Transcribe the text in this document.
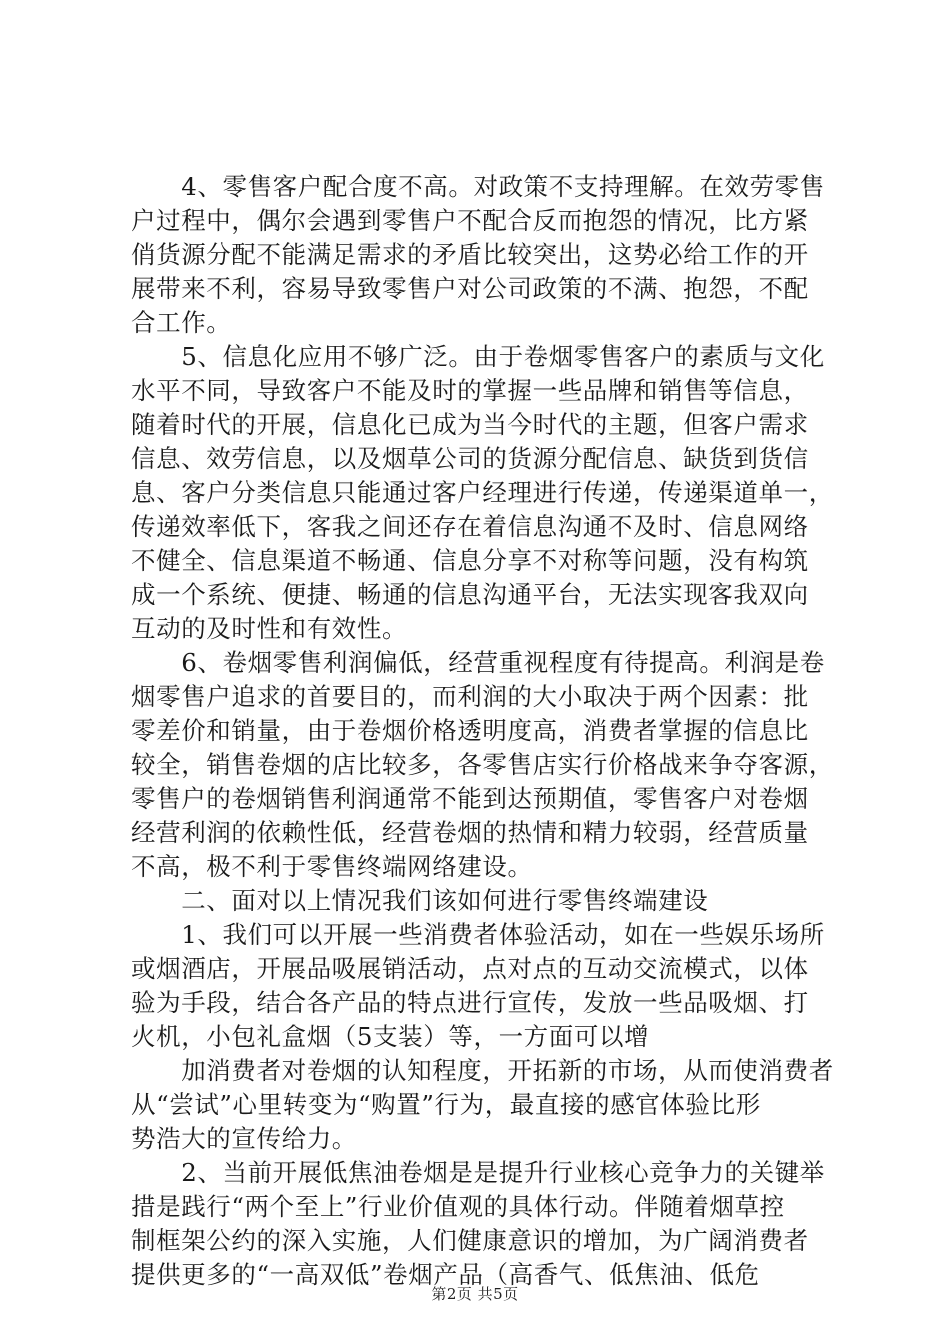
　　4、零售客户配合度不高。对政策不支持理解。在效劳零售
户过程中，偶尔会遇到零售户不配合反而抱怨的情况，比方紧
俏货源分配不能满足需求的矛盾比较突出，这势必给工作的开
展带来不利，容易导致零售户对公司政策的不满、抱怨，不配
合工作。
　　5、信息化应用不够广泛。由于卷烟零售客户的素质与文化
水平不同，导致客户不能及时的掌握一些品牌和销售等信息，
随着时代的开展，信息化已成为当今时代的主题，但客户需求
信息、效劳信息，以及烟草公司的货源分配信息、缺货到货信
息、客户分类信息只能通过客户经理进行传递，传递渠道单一，
传递效率低下，客我之间还存在着信息沟通不及时、信息网络
不健全、信息渠道不畅通、信息分享不对称等问题，没有构筑
成一个系统、便捷、畅通的信息沟通平台，无法实现客我双向
互动的及时性和有效性。
　　6、卷烟零售利润偏低，经营重视程度有待提高。利润是卷
烟零售户追求的首要目的，而利润的大小取决于两个因素：批
零差价和销量，由于卷烟价格透明度高，消费者掌握的信息比
较全，销售卷烟的店比较多，各零售店实行价格战来争夺客源，
零售户的卷烟销售利润通常不能到达预期值，零售客户对卷烟
经营利润的依赖性低，经营卷烟的热情和精力较弱，经营质量
不高，极不利于零售终端网络建设。
　　二、面对以上情况我们该如何进行零售终端建设
　　1、我们可以开展一些消费者体验活动，如在一些娱乐场所
或烟酒店，开展品吸展销活动，点对点的互动交流模式，以体
验为手段，结合各产品的特点进行宣传，发放一些品吸烟、打
火机，小包礼盒烟（5支装）等，一方面可以增
　　加消费者对卷烟的认知程度，开拓新的市场，从而使消费者
从“尝试”心里转变为“购置”行为，最直接的感官体验比形
势浩大的宣传给力。
　　2、当前开展低焦油卷烟是是提升行业核心竞争力的关键举
措是践行“两个至上”行业价值观的具体行动。伴随着烟草控
制框架公约的深入实施，人们健康意识的增加，为广阔消费者
提供更多的“一高双低”卷烟产品（高香气、低焦油、低危
第2页 共5页
